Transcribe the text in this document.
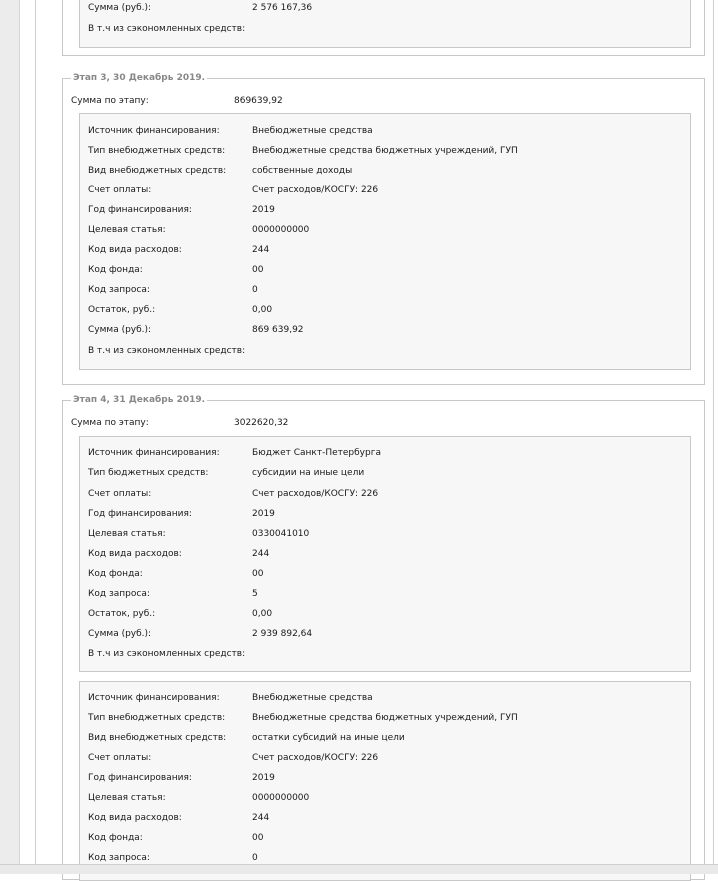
Сумма (руб.):	2 576 167,36
В т.ч из сэкономленных средств:
Этап 3, 30 Декабрь 2019.
Сумма по этапу:	869639,92
Источник финансирования:	Внебюджетные средства
Тип внебюджетных средств:	Внебюджетные средства бюджетных учреждений, ГУП
Вид внебюджетных средств:	собственные доходы
Счет оплаты:	Счет расходов/КОСГУ: 226
Год финансирования:	2019
Целевая статья:	0000000000
Код вида расходов:	244
Код фонда:	00
Код запроса:	0
Остаток, руб.:	0,00
Сумма (руб.):	869 639,92
В т.ч из сэкономленных средств:
Этап 4, 31 Декабрь 2019.
Сумма по этапу:	3022620,32
Источник финансирования:	Бюджет Санкт-Петербурга
Тип бюджетных средств:	субсидии на иные цели
Счет оплаты:	Счет расходов/КОСГУ: 226
Год финансирования:	2019
Целевая статья:	0330041010
Код вида расходов:	244
Код фонда:	00
Код запроса:	5
Остаток, руб.:	0,00
Сумма (руб.):	2 939 892,64
В т.ч из сэкономленных средств:
Источник финансирования:	Внебюджетные средства
Тип внебюджетных средств:	Внебюджетные средства бюджетных учреждений, ГУП
Вид внебюджетных средств:	остатки субсидий на иные цели
Счет оплаты:	Счет расходов/КОСГУ: 226
Год финансирования:	2019
Целевая статья:	0000000000
Код вида расходов:	244
Код фонда:	00
Код запроса:	0
